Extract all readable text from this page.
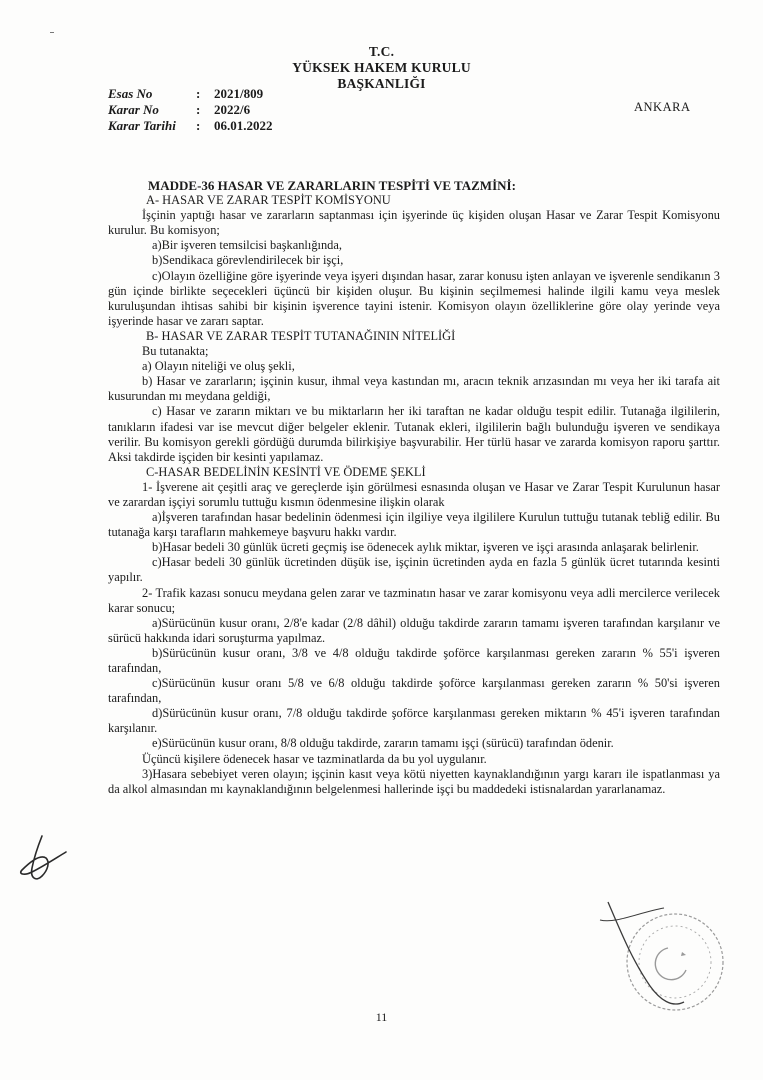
T.C.
YÜKSEK HAKEM KURULU
BAŞKANLIĞI
Esas No	:	2021/809
Karar No	:	2022/6
Karar Tarihi	:	06.01.2022
ANKARA

MADDE-36 HASAR VE ZARARLARIN TESPİTİ VE TAZMİNİ:

A- HASAR VE ZARAR TESPİT KOMİSYONU

İşçinin yaptığı hasar ve zararların saptanması için işyerinde üç kişiden oluşan Hasar ve Zarar Tespit Komisyonu kurulur. Bu komisyon;

a)Bir işveren temsilcisi başkanlığında,

b)Sendikaca görevlendirilecek bir işçi,

c)Olayın özelliğine göre işyerinde veya işyeri dışından hasar, zarar konusu işten anlayan ve işverenle sendikanın 3 gün içinde birlikte seçecekleri üçüncü bir kişiden oluşur. Bu kişinin seçilmemesi halinde ilgili kamu veya meslek kuruluşundan ihtisas sahibi bir kişinin işverence tayini istenir. Komisyon olayın özelliklerine göre olay yerinde veya işyerinde hasar ve zararı saptar.

B- HASAR VE ZARAR TESPİT TUTANAĞININ NİTELİĞİ

Bu tutanakta;

a) Olayın niteliği ve oluş şekli,

b) Hasar ve zararların; işçinin kusur, ihmal veya kastından mı, aracın teknik arızasından mı veya her iki tarafa ait kusurundan mı meydana geldiği,

c) Hasar ve zararın miktarı ve bu miktarların her iki taraftan ne kadar olduğu tespit edilir. Tutanağa ilgililerin, tanıkların ifadesi var ise mevcut diğer belgeler eklenir. Tutanak ekleri, ilgililerin bağlı bulunduğu işveren ve sendikaya verilir. Bu komisyon gerekli gördüğü durumda bilirkişiye başvurabilir. Her türlü hasar ve zararda komisyon raporu şarttır. Aksi takdirde işçiden bir kesinti yapılamaz.

C-HASAR BEDELİNİN KESİNTİ VE ÖDEME ŞEKLİ

1- İşverene ait çeşitli araç ve gereçlerde işin görülmesi esnasında oluşan ve Hasar ve Zarar Tespit Kurulunun hasar ve zarardan işçiyi sorumlu tuttuğu kısmın ödenmesine ilişkin olarak

a)İşveren tarafından hasar bedelinin ödenmesi için ilgiliye veya ilgililere Kurulun tuttuğu tutanak tebliğ edilir. Bu tutanağa karşı tarafların mahkemeye başvuru hakkı vardır.

b)Hasar bedeli 30 günlük ücreti geçmiş ise ödenecek aylık miktar, işveren ve işçi arasında anlaşarak belirlenir.

c)Hasar bedeli 30 günlük ücretinden düşük ise, işçinin ücretinden ayda en fazla 5 günlük ücret tutarında kesinti yapılır.

2- Trafik kazası sonucu meydana gelen zarar ve tazminatın hasar ve zarar komisyonu veya adli mercilerce verilecek karar sonucu;

a)Sürücünün kusur oranı, 2/8'e kadar (2/8 dâhil) olduğu takdirde zararın tamamı işveren tarafından karşılanır ve sürücü hakkında idari soruşturma yapılmaz.

b)Sürücünün kusur oranı, 3/8 ve 4/8 olduğu takdirde şoförce karşılanması gereken zararın % 55'i işveren tarafından,

c)Sürücünün kusur oranı 5/8 ve 6/8 olduğu takdirde şoförce karşılanması gereken zararın % 50'si işveren tarafından,

d)Sürücünün kusur oranı, 7/8 olduğu takdirde şoförce karşılanması gereken miktarın % 45'i işveren tarafından karşılanır.

e)Sürücünün kusur oranı, 8/8 olduğu takdirde, zararın tamamı işçi (sürücü) tarafından ödenir.

Üçüncü kişilere ödenecek hasar ve tazminatlarda da bu yol uygulanır.

3)Hasara sebebiyet veren olayın; işçinin kasıt veya kötü niyetten kaynaklandığının yargı kararı ile ispatlanması ya da alkol almasından mı kaynaklandığının belgelenmesi hallerinde işçi bu maddedeki istisnalardan yararlanamaz.

11
